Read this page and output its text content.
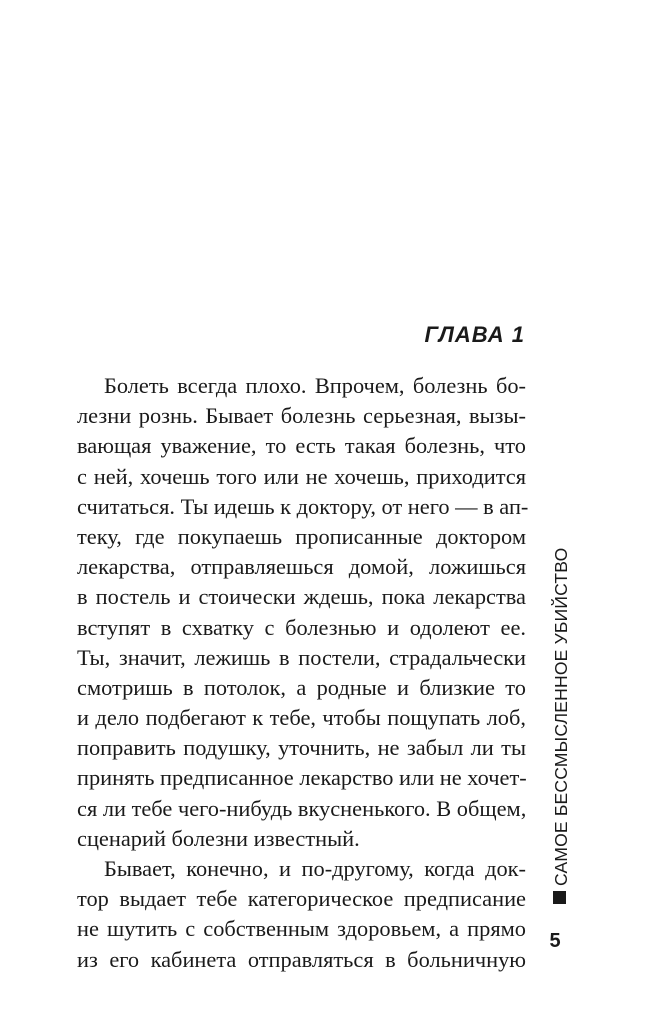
ГЛАВА 1
Болеть всегда плохо. Впрочем, болезнь бо-
лезни рознь. Бывает болезнь серьезная, вызы-
вающая уважение, то есть такая болезнь, что
с ней, хочешь того или не хочешь, приходится
считаться. Ты идешь к доктору, от него — в ап-
теку, где покупаешь прописанные доктором
лекарства, отправляешься домой, ложишься
в постель и стоически ждешь, пока лекарства
вступят в схватку с болезнью и одолеют ее.
Ты, значит, лежишь в постели, страдальчески
смотришь в потолок, а родные и близкие то
и дело подбегают к тебе, чтобы пощупать лоб,
поправить подушку, уточнить, не забыл ли ты
принять предписанное лекарство или не хочет-
ся ли тебе чего-нибудь вкусненького. В общем,
сценарий болезни известный.
Бывает, конечно, и по-другому, когда док-
тор выдает тебе категорическое предписание
не шутить с собственным здоровьем, а прямо
из его кабинета отправляться в больничную
САМОЕ БЕССМЫСЛЕННОЕ УБИЙСТВО
5
